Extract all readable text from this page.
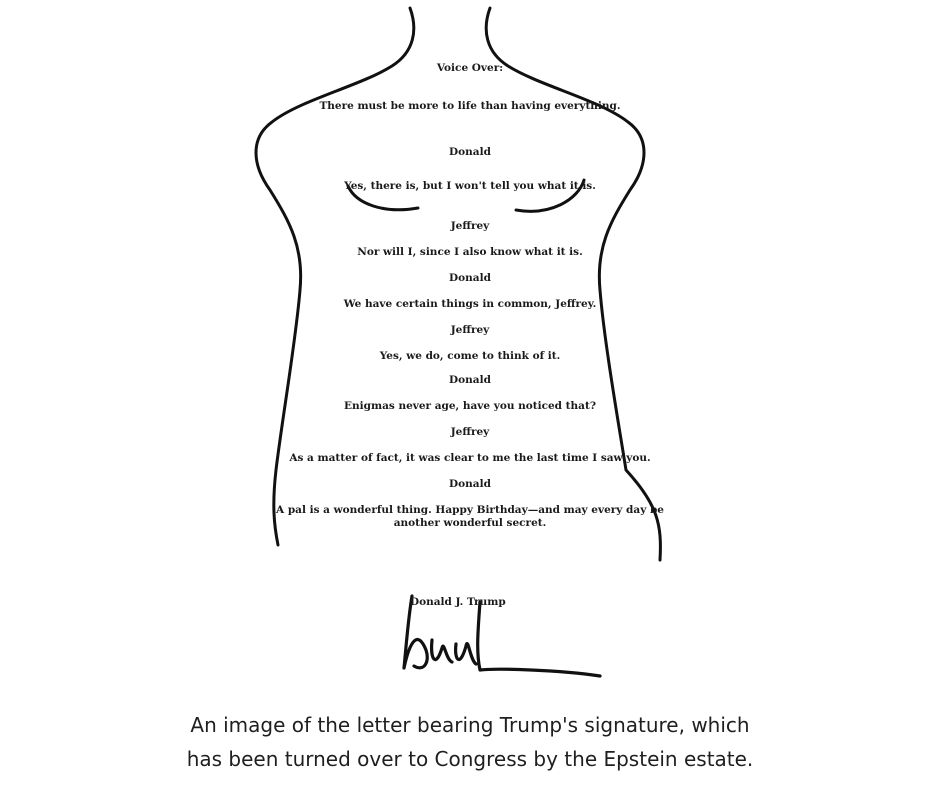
Voice Over:
There must be more to life than having everything.
Donald
Yes, there is, but I won't tell you what it is.
Jeffrey
Nor will I, since I also know what it is.
Donald
We have certain things in common, Jeffrey.
Jeffrey
Yes, we do, come to think of it.
Donald
Enigmas never age, have you noticed that?
Jeffrey
As a matter of fact, it was clear to me the last time I saw you.
Donald
A pal is a wonderful thing. Happy Birthday—and may every day be another wonderful secret.
Donald J. Trump
An image of the letter bearing Trump's signature, which
has been turned over to Congress by the Epstein estate.
